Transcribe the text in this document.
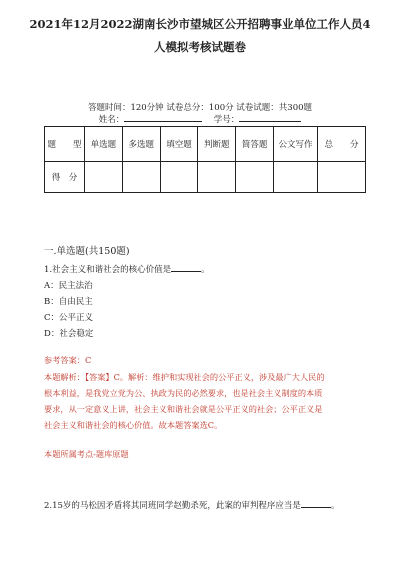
2021年12月2022湖南长沙市望城区公开招聘事业单位工作人员4
人模拟考核试题卷
答题时间：120分钟 试卷总分：100分 试卷试题：共300题
姓名：	学号：
题　　型	单选题	多选题	填空题	判断题	简答题	公文写作	总　　分
得　分							
一.单选题(共150题)
1.社会主义和谐社会的核心价值是	。
A：民主法治
B：自由民主
C：公平正义
D：社会稳定
参考答案：C
本题解析：【答案】C。解析：维护和实现社会的公平正义，涉及最广大人民的
根本利益，是我党立党为公、执政为民的必然要求，也是社会主义制度的本质
要求，从一定意义上讲，社会主义和谐社会就是公平正义的社会；公平正义是
社会主义和谐社会的核心价值。故本题答案选C。
本题所属考点-题库原题
2.15岁的马松因矛盾将其同班同学赵勤杀死，此案的审判程序应当是	。
